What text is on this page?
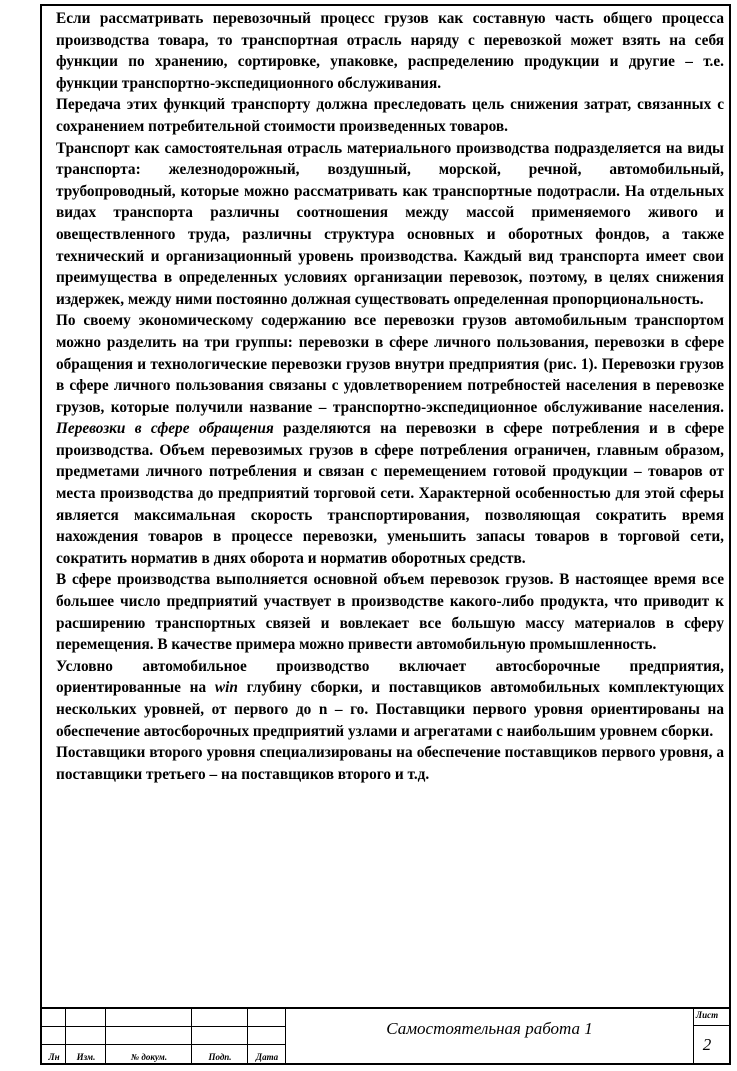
Если рассматривать перевозочный процесс грузов как составную часть общего процесса производства товара, то транспортная отрасль наряду с перевозкой может взять на себя функции по хранению, сортировке, упаковке, распределению продукции и другие – т.е. функции транспортно-экспедиционного обслуживания.

Передача этих функций транспорту должна преследовать цель снижения затрат, связанных с сохранением потребительной стоимости произведенных товаров.

Транспорт как самостоятельная отрасль материального производства подразделяется на виды транспорта: железнодорожный, воздушный, морской, речной, автомобильный, трубопроводный, которые можно рассматривать как транспортные подотрасли. На отдельных видах транспорта различны соотношения между массой применяемого живого и овеществленного труда, различны структура основных и оборотных фондов, а также технический и организационный уровень производства. Каждый вид транспорта имеет свои преимущества в определенных условиях организации перевозок, поэтому, в целях снижения издержек, между ними постоянно должная существовать определенная пропорциональность.

По своему экономическому содержанию все перевозки грузов автомобильным транспортом можно разделить на три группы: перевозки в сфере личного пользования, перевозки в сфере обращения и технологические перевозки грузов внутри предприятия (рис. 1). Перевозки грузов в сфере личного пользования связаны с удовлетворением потребностей населения в перевозке грузов, которые получили название – транспортно-экспедиционное обслуживание населения. Перевозки в сфере обращения разделяются на перевозки в сфере потребления и в сфере производства. Объем перевозимых грузов в сфере потребления ограничен, главным образом, предметами личного потребления и связан с перемещением готовой продукции – товаров от места производства до предприятий торговой сети. Характерной особенностью для этой сферы является максимальная скорость транспортирования, позволяющая сократить время нахождения товаров в процессе перевозки, уменьшить запасы товаров в торговой сети, сократить норматив в днях оборота и норматив оборотных средств.

В сфере производства выполняется основной объем перевозок грузов. В настоящее время все большее число предприятий участвует в производстве какого-либо продукта, что приводит к расширению транспортных связей и вовлекает все большую массу материалов в сферу перемещения. В качестве примера можно привести автомобильную промышленность.

Условно автомобильное производство включает автосборочные предприятия, ориентированные на win глубину сборки, и поставщиков автомобильных комплектующих нескольких уровней, от первого до n – го. Поставщики первого уровня ориентированы на обеспечение автосборочных предприятий узлами и агрегатами с наибольшим уровнем сборки.

Поставщики второго уровня специализированы на обеспечение поставщиков первого уровня, а поставщики третьего – на поставщиков второго и т.д.

Лн	Изм.	№ докум.	Подп.	Дата
Самостоятельная работа 1
Лист
2
